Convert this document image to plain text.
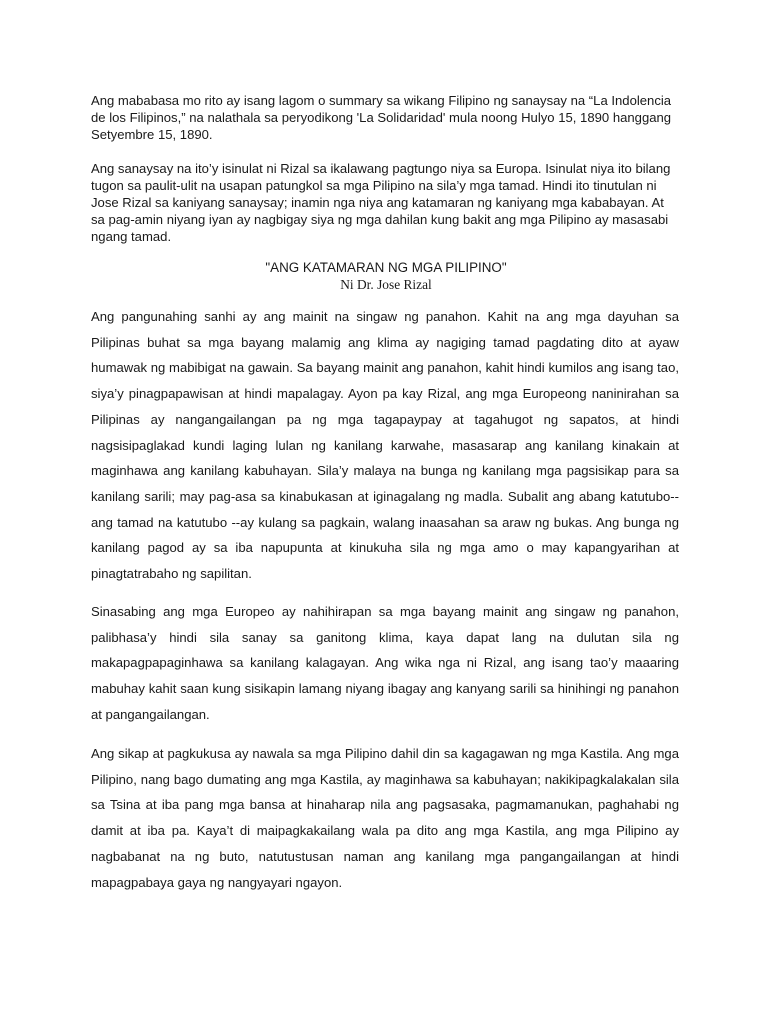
Ang mababasa mo rito ay isang lagom o summary sa wikang Filipino ng sanaysay na “La Indolencia de los Filipinos,” na nalathala sa peryodikong 'La Solidaridad' mula noong Hulyo 15, 1890 hanggang Setyembre 15, 1890.

Ang sanaysay na ito’y isinulat ni Rizal sa ikalawang pagtungo niya sa Europa. Isinulat niya ito bilang tugon sa paulit-ulit na usapan patungkol sa mga Pilipino na sila’y mga tamad. Hindi ito tinutulan ni Jose Rizal sa kaniyang sanaysay; inamin nga niya ang katamaran ng kaniyang mga kababayan. At sa pag-amin niyang iyan ay nagbigay siya ng mga dahilan kung bakit ang mga Pilipino ay masasabi ngang tamad.

"ANG KATAMARAN NG MGA PILIPINO"
Ni Dr. Jose Rizal

Ang pangunahing sanhi ay ang mainit na singaw ng panahon. Kahit na ang mga dayuhan sa Pilipinas buhat sa mga bayang malamig ang klima ay nagiging tamad pagdating dito at ayaw humawak ng mabibigat na gawain. Sa bayang mainit ang panahon, kahit hindi kumilos ang isang tao, siya’y pinagpapawisan at hindi mapalagay. Ayon pa kay Rizal, ang mga Europeong naninirahan sa Pilipinas ay nangangailangan pa ng mga tagapaypay at tagahugot ng sapatos, at hindi nagsisipaglakad kundi laging lulan ng kanilang karwahe, masasarap ang kanilang kinakain at maginhawa ang kanilang kabuhayan. Sila’y malaya na bunga ng kanilang mga pagsisikap para sa kanilang sarili; may pag-asa sa kinabukasan at iginagalang ng madla. Subalit ang abang katutubo-- ang tamad na katutubo --ay kulang sa pagkain, walang inaasahan sa araw ng bukas. Ang bunga ng kanilang pagod ay sa iba napupunta at kinukuha sila ng mga amo o may kapangyarihan at pinagtatrabaho ng sapilitan.

Sinasabing ang mga Europeo ay nahihirapan sa mga bayang mainit ang singaw ng panahon, palibhasa’y hindi sila sanay sa ganitong klima, kaya dapat lang na dulutan sila ng makapagpapaginhawa sa kanilang kalagayan. Ang wika nga ni Rizal, ang isang tao’y maaaring mabuhay kahit saan kung sisikapin lamang niyang ibagay ang kanyang sarili sa hinihingi ng panahon at pangangailangan.

Ang sikap at pagkukusa ay nawala sa mga Pilipino dahil din sa kagagawan ng mga Kastila. Ang mga Pilipino, nang bago dumating ang mga Kastila, ay maginhawa sa kabuhayan; nakikipagkalakalan sila sa Tsina at iba pang mga bansa at hinaharap nila ang pagsasaka, pagmamanukan, paghahabi ng damit at iba pa. Kaya’t di maipagkakailang wala pa dito ang mga Kastila, ang mga Pilipino ay nagbabanat na ng buto, natutustusan naman ang kanilang mga pangangailangan at hindi mapagpabaya gaya ng nangyayari ngayon.
